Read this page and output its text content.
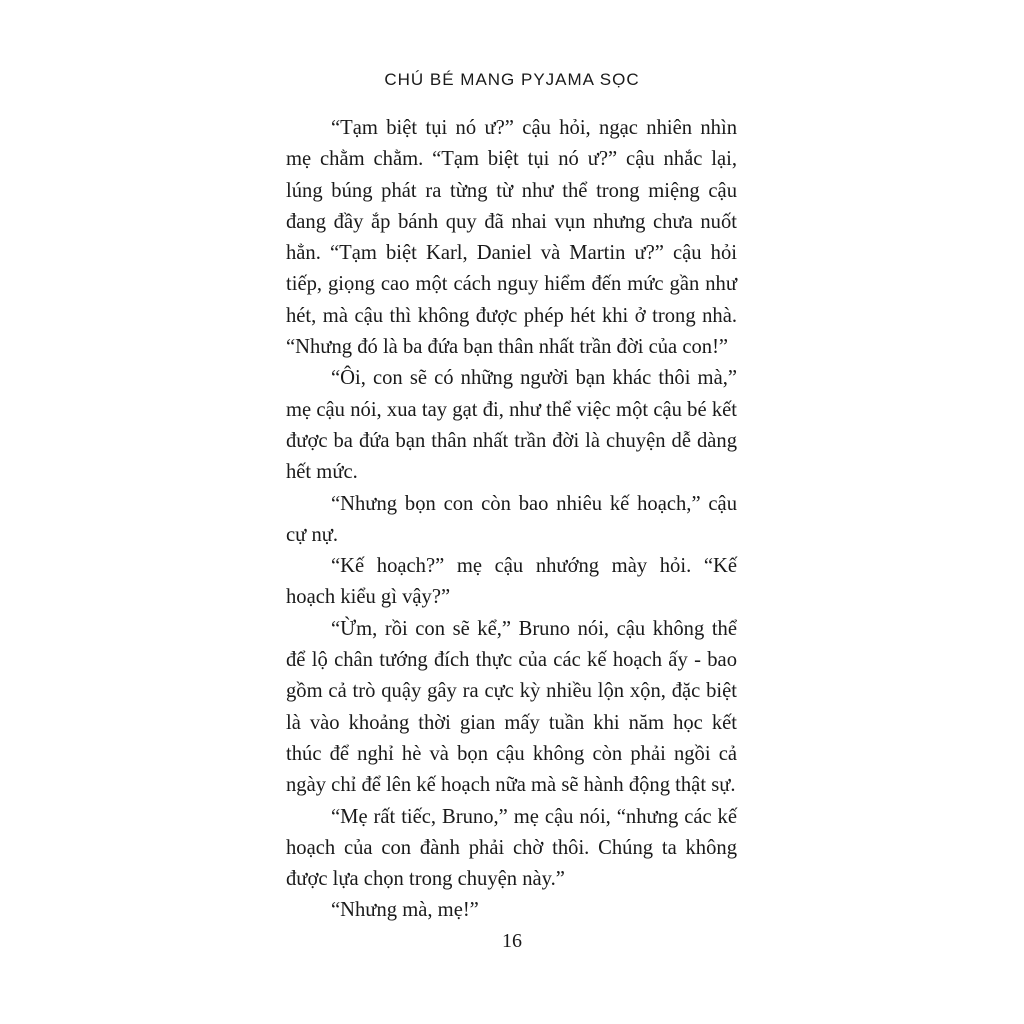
CHÚ BÉ MANG PYJAMA SỌC

“Tạm biệt tụi nó ư?” cậu hỏi, ngạc nhiên nhìn mẹ chằm chằm. “Tạm biệt tụi nó ư?” cậu nhắc lại, lúng búng phát ra từng từ như thể trong miệng cậu đang đầy ắp bánh quy đã nhai vụn nhưng chưa nuốt hẳn. “Tạm biệt Karl, Daniel và Martin ư?” cậu hỏi tiếp, giọng cao một cách nguy hiểm đến mức gần như hét, mà cậu thì không được phép hét khi ở trong nhà. “Nhưng đó là ba đứa bạn thân nhất trần đời của con!”

“Ôi, con sẽ có những người bạn khác thôi mà,” mẹ cậu nói, xua tay gạt đi, như thể việc một cậu bé kết được ba đứa bạn thân nhất trần đời là chuyện dễ dàng hết mức.

“Nhưng bọn con còn bao nhiêu kế hoạch,” cậu cự nự.

“Kế hoạch?” mẹ cậu nhướng mày hỏi. “Kế hoạch kiểu gì vậy?”

“Ừm, rồi con sẽ kể,” Bruno nói, cậu không thể để lộ chân tướng đích thực của các kế hoạch ấy - bao gồm cả trò quậy gây ra cực kỳ nhiều lộn xộn, đặc biệt là vào khoảng thời gian mấy tuần khi năm học kết thúc để nghỉ hè và bọn cậu không còn phải ngồi cả ngày chỉ để lên kế hoạch nữa mà sẽ hành động thật sự.

“Mẹ rất tiếc, Bruno,” mẹ cậu nói, “nhưng các kế hoạch của con đành phải chờ thôi. Chúng ta không được lựa chọn trong chuyện này.”

“Nhưng mà, mẹ!”

16
